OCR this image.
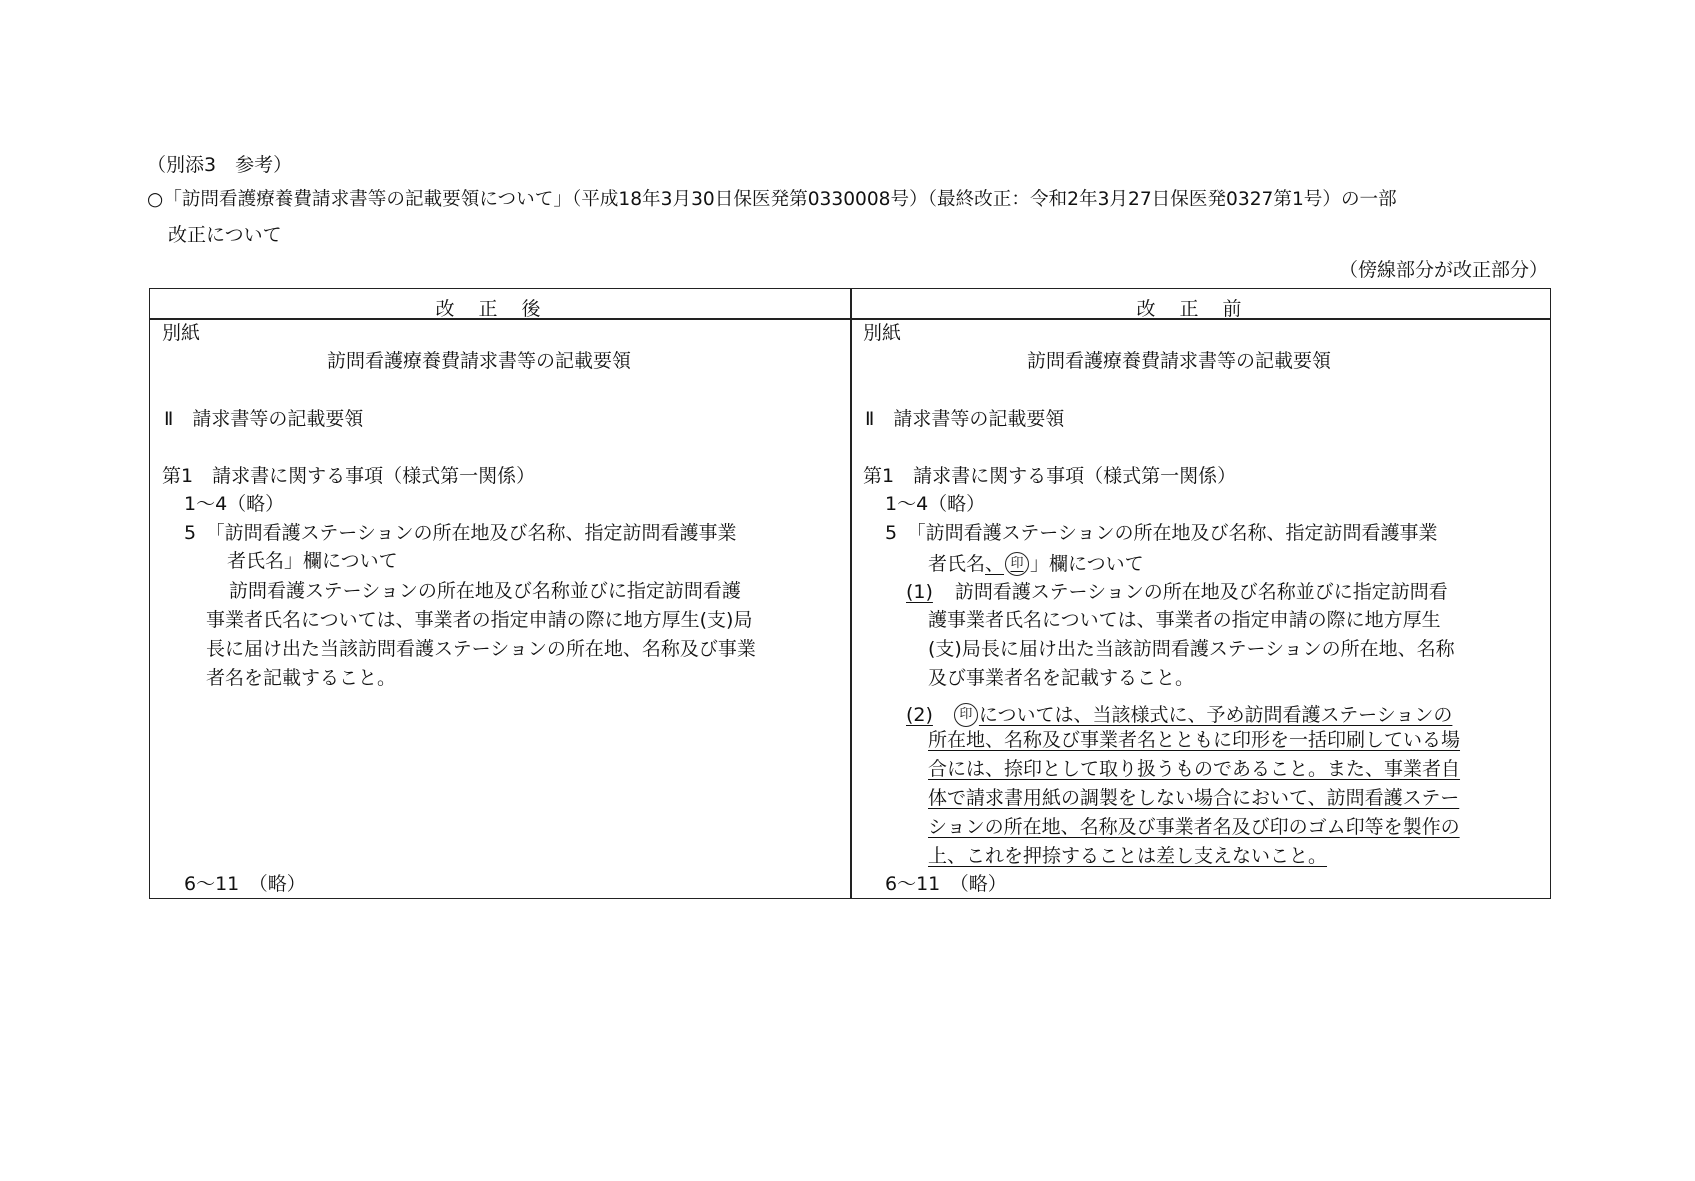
（別添3　参考）
○「訪問看護療養費請求書等の記載要領について」（平成18年3月30日保医発第0330008号）（最終改正：令和2年3月27日保医発0327第1号）の一部
改正について
（傍線部分が改正部分）
改正後	改正前
別紙
訪問看護療養費請求書等の記載要領
Ⅱ　請求書等の記載要領
第1　請求書に関する事項（様式第一関係）
1～4（略）
5　「訪問看護ステーションの所在地及び名称、指定訪問看護事業
者氏名」欄について
訪問看護ステーションの所在地及び名称並びに指定訪問看護
事業者氏名については、事業者の指定申請の際に地方厚生(支)局
長に届け出た当該訪問看護ステーションの所在地、名称及び事業
者名を記載すること。
6～11　（略）
別紙
訪問看護療養費請求書等の記載要領
Ⅱ　請求書等の記載要領
第1　請求書に関する事項（様式第一関係）
1～4（略）
5　「訪問看護ステーションの所在地及び名称、指定訪問看護事業
者氏名、 印 」欄について
(1) 訪問看護ステーションの所在地及び名称並びに指定訪問看
護事業者氏名については、事業者の指定申請の際に地方厚生
(支)局長に届け出た当該訪問看護ステーションの所在地、名称
及び事業者名を記載すること。
(2) 印 については、当該様式に、予め訪問看護ステーションの
所在地、名称及び事業者名とともに印形を一括印刷している場
合には、捺印として取り扱うものであること。また、事業者自
体で請求書用紙の調製をしない場合において、訪問看護ステー
ションの所在地、名称及び事業者名及び印のゴム印等を製作の
上、これを押捺することは差し支えないこと。
6～11　（略）
